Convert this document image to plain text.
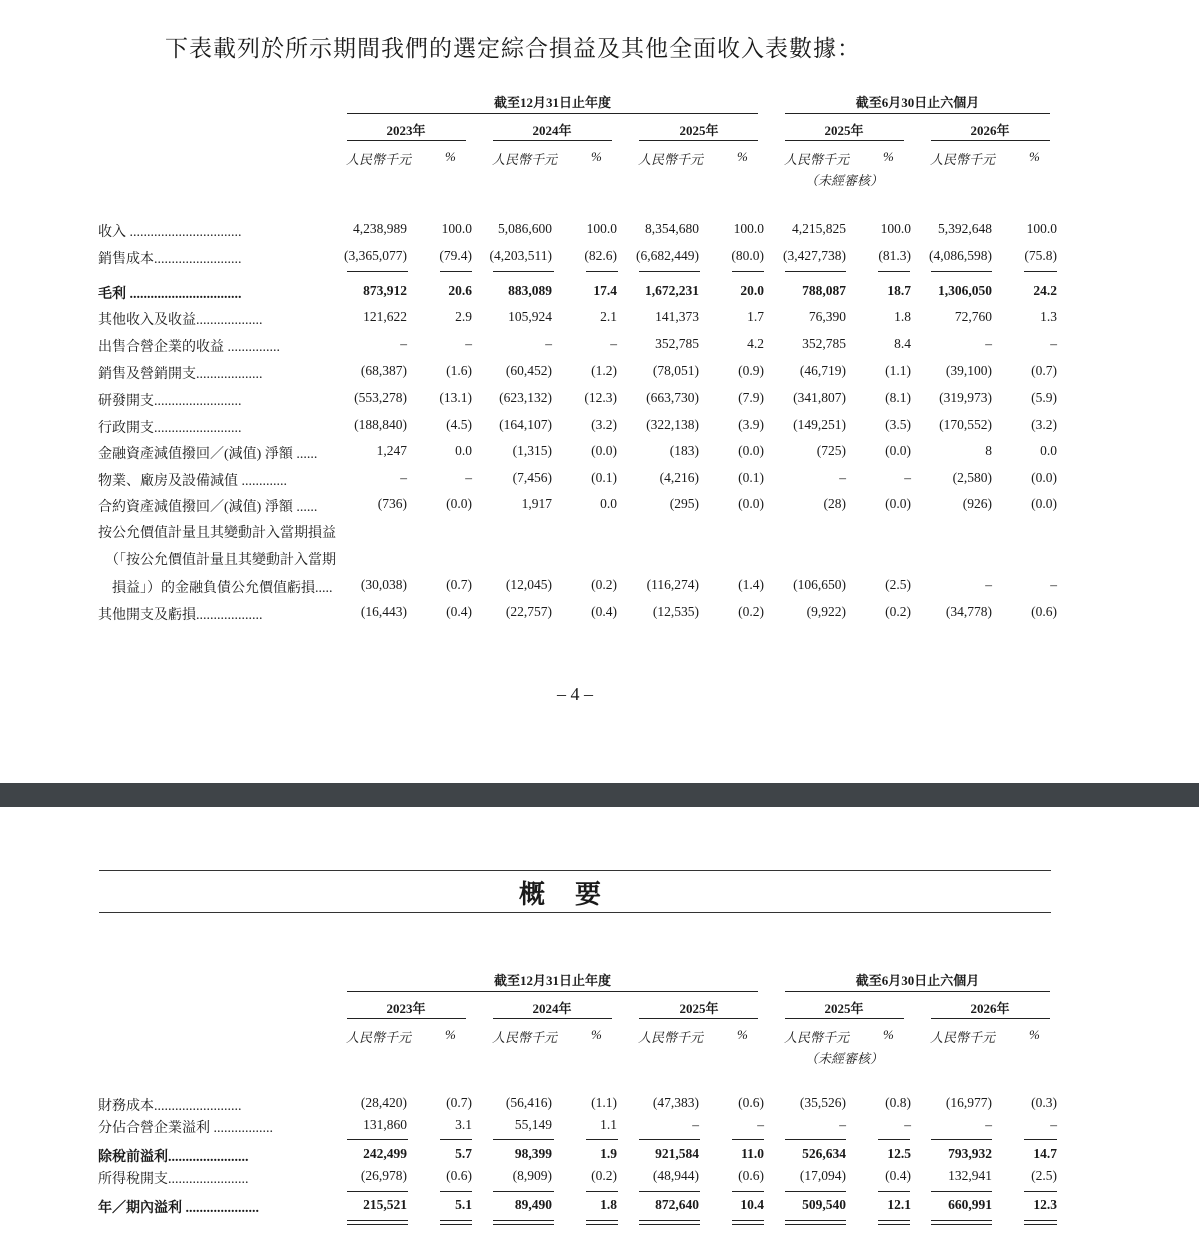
下表載列於所示期間我們的選定綜合損益及其他全面收入表數據：
截至12月31日止年度	截至6月30日止六個月
2023年	2024年	2025年	2025年	2026年
人民幣千元	%	人民幣千元	%	人民幣千元	%	人民幣千元	%	人民幣千元	%
（未經審核）
收入 ................................	4,238,989	100.0	5,086,600	100.0	8,354,680	100.0	4,215,825	100.0	5,392,648	100.0
銷售成本.........................	(3,365,077)	(79.4)	(4,203,511)	(82.6)	(6,682,449)	(80.0)	(3,427,738)	(81.3)	(4,086,598)	(75.8)
毛利 ................................	873,912	20.6	883,089	17.4	1,672,231	20.0	788,087	18.7	1,306,050	24.2
其他收入及收益...................	121,622	2.9	105,924	2.1	141,373	1.7	76,390	1.8	72,760	1.3
出售合營企業的收益 ...............	–	–	–	–	352,785	4.2	352,785	8.4	–	–
銷售及營銷開支...................	(68,387)	(1.6)	(60,452)	(1.2)	(78,051)	(0.9)	(46,719)	(1.1)	(39,100)	(0.7)
研發開支.........................	(553,278)	(13.1)	(623,132)	(12.3)	(663,730)	(7.9)	(341,807)	(8.1)	(319,973)	(5.9)
行政開支.........................	(188,840)	(4.5)	(164,107)	(3.2)	(322,138)	(3.9)	(149,251)	(3.5)	(170,552)	(3.2)
金融資產減值撥回／(減值) 淨額 ......	1,247	0.0	(1,315)	(0.0)	(183)	(0.0)	(725)	(0.0)	8	0.0
物業、廠房及設備減值 .............	–	–	(7,456)	(0.1)	(4,216)	(0.1)	–	–	(2,580)	(0.0)
合約資產減值撥回／(減值) 淨額 ......	(736)	(0.0)	1,917	0.0	(295)	(0.0)	(28)	(0.0)	(926)	(0.0)
其他開支及虧損...................	(16,443)	(0.4)	(22,757)	(0.4)	(12,535)	(0.2)	(9,922)	(0.2)	(34,778)	(0.6)
按公允價值計量且其變動計入當期損益
（「按公允價值計量且其變動計入當期
損益」）的金融負債公允價值虧損.....	(30,038)	(0.7)	(12,045)	(0.2)	(116,274)	(1.4)	(106,650)	(2.5)	–	–
– 4 –
概要
截至12月31日止年度	截至6月30日止六個月
2023年	2024年	2025年	2025年	2026年
人民幣千元	%	人民幣千元	%	人民幣千元	%	人民幣千元	%	人民幣千元	%
（未經審核）
財務成本.........................	(28,420)	(0.7)	(56,416)	(1.1)	(47,383)	(0.6)	(35,526)	(0.8)	(16,977)	(0.3)
分佔合營企業溢利 .................	131,860	3.1	55,149	1.1	–	–	–	–	–	–
除稅前溢利.......................	242,499	5.7	98,399	1.9	921,584	11.0	526,634	12.5	793,932	14.7
所得稅開支.......................	(26,978)	(0.6)	(8,909)	(0.2)	(48,944)	(0.6)	(17,094)	(0.4)	132,941	(2.5)
年／期內溢利 .....................	215,521	5.1	89,490	1.8	872,640	10.4	509,540	12.1	660,991	12.3
